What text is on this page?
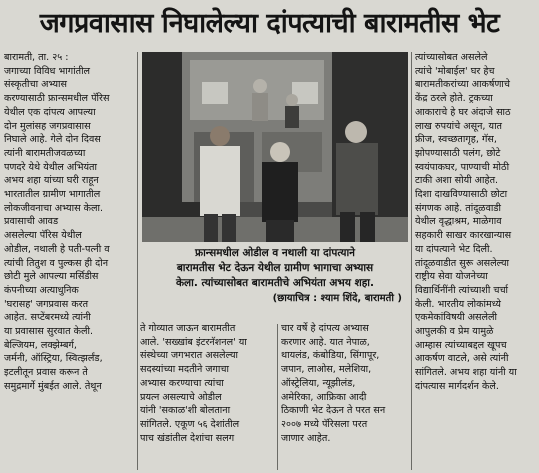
जगप्रवासास निघालेल्या दांपत्याची बारामतीस भेट

बारामती, ता. २५ :

जगाच्या विविध भागांतील

संस्कृतीचा अभ्यास

करण्यासाठी फ्रान्समधील पॅरिस

येथील एक दांपत्य आपल्या

दोन मुलांसह जगप्रवासास

निघाले आहे. गेले दोन दिवस

त्यांनी बारामतीजवळच्या

पणदरे येथे येथील अभियंता

अभय शहा यांच्या घरी राहून

भारतातील ग्रामीण भागातील

लोकजीवनाचा अभ्यास केला.

प्रवासाची आवड

असलेल्या पॅरिस येथील

ओडील, नथाली हे पती-पत्नी व

त्यांची तितुश व पुल्कस ही दोन

छोटी मुले आपल्या मर्सिडीस

कंपनीच्या अत्याधुनिक

'घरासह' जगप्रवास करत

आहेत. सप्टेंबरमध्ये त्यांनी

या प्रवासास सुरवात केली.

बेल्जियम, लक्झेम्बर्ग,

जर्मनी, ऑस्ट्रिया, स्वित्झर्लंड,

इटलीतून प्रवास करून ते

समुद्रमार्गे मुंबईत आले. तेथून

फ्रान्समधील ओडील व नथाली या दांपत्याने

बारामतीस भेट देऊन येथील ग्रामीण भागाचा अभ्यास

केला. त्यांच्यासोबत बारामतीचे अभियंता अभय शहा.

(छायाचित्र : श्याम शिंदे, बारामती )

ते गोव्यात जाऊन बारामतीत

आले. 'सख्खांब इंटरनॅशनल' या

संस्थेच्या जगभरात असलेल्या

सदस्यांच्या मदतीने जगाचा

अभ्यास करण्याचा त्यांचा

प्रयत्न असल्याचे ओडील

यांनी 'सकाळ'शी बोलताना

सांगितले. एकूण ५६ देशांतील

पाच खंडांतील देशांचा सलग

चार वर्षे हे दांपत्य अभ्यास

करणार आहे. यात नेपाळ,

थायलंड, कंबोडिया, सिंगापूर,

जपान, लाओस, मलेशिया,

ऑस्ट्रेलिया, न्यूझीलंड,

अमेरिका, आफ्रिका आदी

ठिकाणी भेट देऊन ते परत सन

२००७ मध्ये पॅरिसला परत

जाणार आहेत.

त्यांच्यासोबत असलेले

त्यांचे 'मोबाईल' घर हेच

बारामतीकरांच्या आकर्षणाचे

केंद्र ठरले होते. ट्रकच्या

आकाराचे हे घर अंदाजे साठ

लाख रुपयांचे असून, यात

फ्रीज, स्वच्छतागृह, गॅस,

झोपण्यासाठी पलंग, छोटे

स्वयंपाकघर, पाण्याची मोठी

टाकी अशा सोयी आहेत.

दिशा दाखविण्यासाठी छोटा

संगणक आहे. तांदूळवाडी

येथील वृद्धाश्रम, माळेगाव

सहकारी साखर कारखान्यास

या दांपत्याने भेट दिली.

तांदूळवाडीत सुरू असलेल्या

राष्ट्रीय सेवा योजनेच्या

विद्यार्थिनींनी त्यांच्याशी चर्चा

केली. भारतीय लोकांमध्ये

एकमेकांविषयी असलेली

आपुलकी व प्रेम यामुळे

आम्हास त्यांच्याबद्दल खूपच

आकर्षण वाटले, असे त्यांनी

सांगितले. अभय शहा यांनी या

दांपत्यास मार्गदर्शन केले.
